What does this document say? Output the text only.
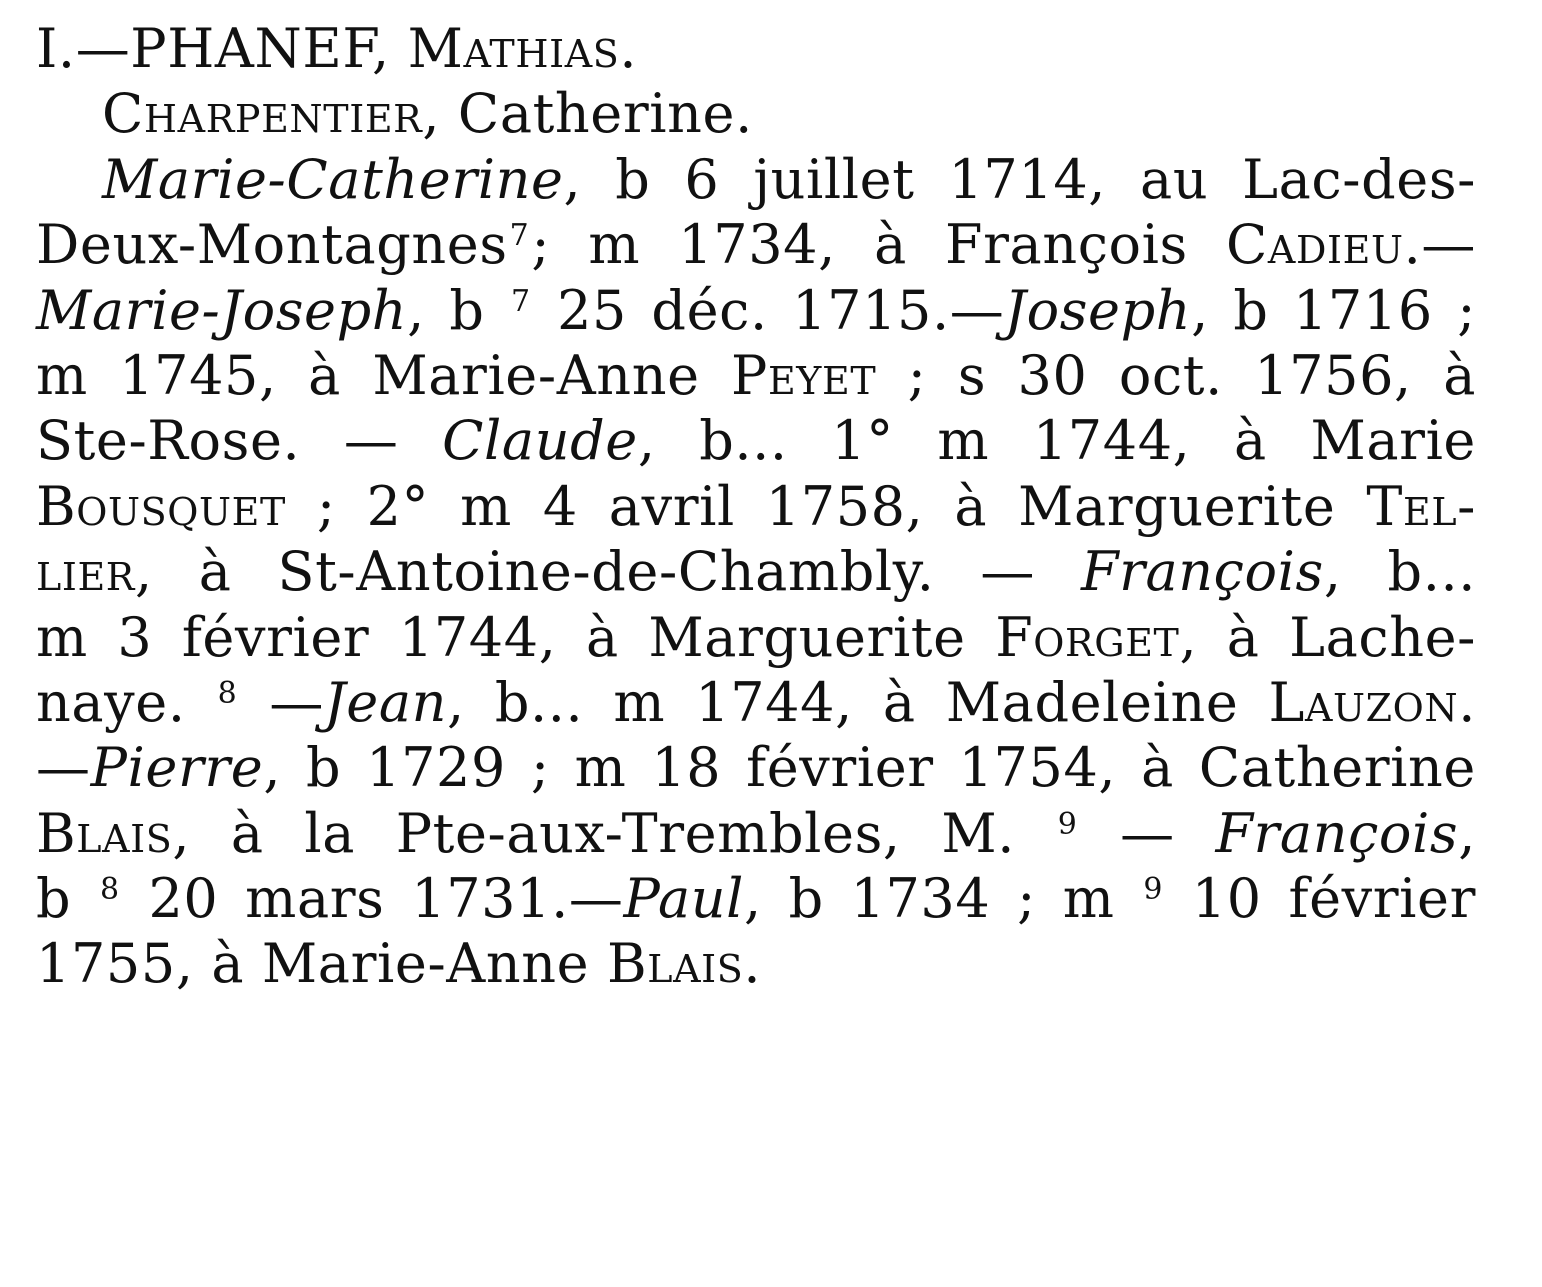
I.—PHANEF, Mathias.
Charpentier, Catherine.
Marie-Catherine, b 6 juillet 1714, au Lac-des-
Deux-Montagnes$^7$; m 1734, à François Cadieu.—
Marie-Joseph, b $^7$ 25 déc. 1715.—Joseph, b 1716 ;
m 1745, à Marie-Anne Peyet ; s 30 oct. 1756, à
Ste-Rose. — Claude, b... 1° m 1744, à Marie
Bousquet ; 2° m 4 avril 1758, à Marguerite Tel-
lier, à St-Antoine-de-Chambly. — François, b...
m 3 février 1744, à Marguerite Forget, à Lache-
naye. $^8$ —Jean, b... m 1744, à Madeleine Lauzon.
—Pierre, b 1729 ; m 18 février 1754, à Catherine
Blais, à la Pte-aux-Trembles, M. $^9$ — François,
b $^8$ 20 mars 1731.—Paul, b 1734 ; m $^9$ 10 février
1755, à Marie-Anne Blais.
